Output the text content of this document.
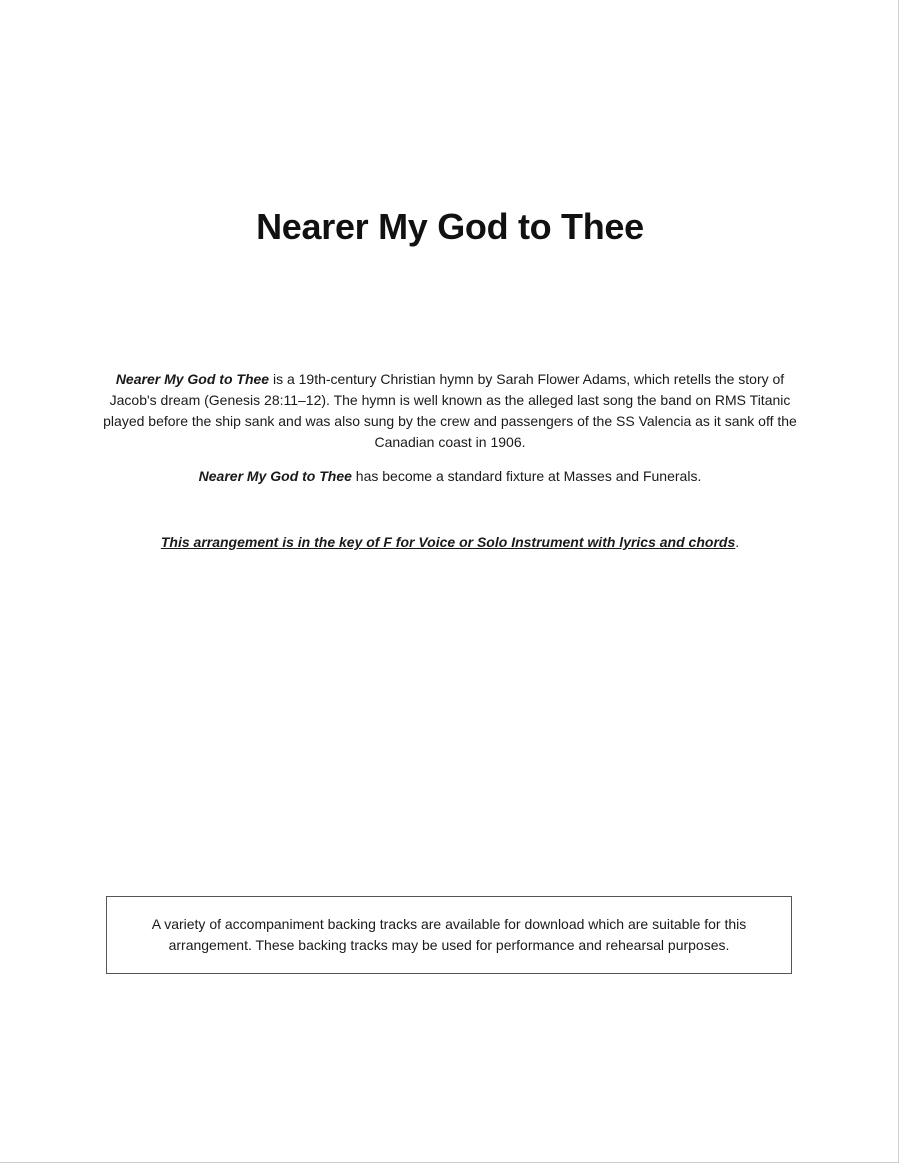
Nearer My God to Thee

Nearer My God to Thee is a 19th-century Christian hymn by Sarah Flower Adams, which retells the story of Jacob's dream (Genesis 28:11–12). The hymn is well known as the alleged last song the band on RMS Titanic played before the ship sank and was also sung by the crew and passengers of the SS Valencia as it sank off the Canadian coast in 1906.

Nearer My God to Thee has become a standard fixture at Masses and Funerals.

This arrangement is in the key of F for Voice or Solo Instrument with lyrics and chords.

A variety of accompaniment backing tracks are available for download which are suitable for this arrangement. These backing tracks may be used for performance and rehearsal purposes.
